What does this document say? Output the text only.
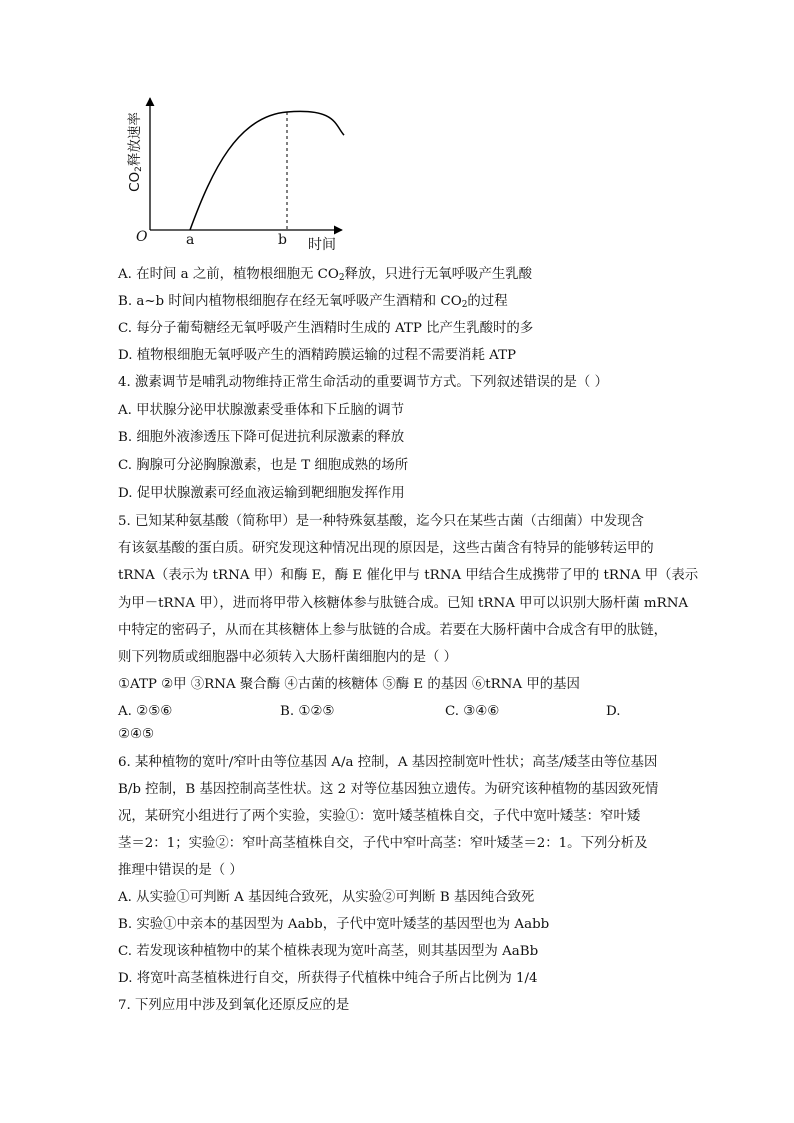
O	a	b 时间
$CO_2$释放速率
A. 在时间 a 之前，植物根细胞无 $CO_2$释放，只进行无氧呼吸产生乳酸
B. a~b 时间内植物根细胞存在经无氧呼吸产生酒精和 $CO_2$的过程
C. 每分子葡萄糖经无氧呼吸产生酒精时生成的 ATP 比产生乳酸时的多
D. 植物根细胞无氧呼吸产生的酒精跨膜运输的过程不需要消耗 ATP
4. 激素调节是哺乳动物维持正常生命活动的重要调节方式。下列叙述错误的是（ ）
A. 甲状腺分泌甲状腺激素受垂体和下丘脑的调节
B. 细胞外液渗透压下降可促进抗利尿激素的释放
C. 胸腺可分泌胸腺激素，也是 T 细胞成熟的场所
D. 促甲状腺激素可经血液运输到靶细胞发挥作用
5. 已知某种氨基酸（简称甲）是一种特殊氨基酸，迄今只在某些古菌（古细菌）中发现含
有该氨基酸的蛋白质。研究发现这种情况出现的原因是，这些古菌含有特异的能够转运甲的
tRNA（表示为 tRNA 甲）和酶 E，酶 E 催化甲与 tRNA 甲结合生成携带了甲的 tRNA 甲（表示
为甲－tRNA 甲），进而将甲带入核糖体参与肽链合成。已知 tRNA 甲可以识别大肠杆菌 mRNA
中特定的密码子，从而在其核糖体上参与肽链的合成。若要在大肠杆菌中合成含有甲的肽链，
则下列物质或细胞器中必须转入大肠杆菌细胞内的是（ ）
①ATP ②甲 ③RNA 聚合酶 ④古菌的核糖体 ⑤酶 E 的基因 ⑥tRNA 甲的基因
A. ②⑤⑥	B. ①②⑤	C. ③④⑥	D.
②④⑤
6. 某种植物的宽叶/窄叶由等位基因 A/a 控制，A 基因控制宽叶性状；高茎/矮茎由等位基因
B/b 控制，B 基因控制高茎性状。这 2 对等位基因独立遗传。为研究该种植物的基因致死情
况，某研究小组进行了两个实验，实验①：宽叶矮茎植株自交，子代中宽叶矮茎：窄叶矮
茎＝2：1；实验②：窄叶高茎植株自交，子代中窄叶高茎：窄叶矮茎＝2：1。下列分析及
推理中错误的是（ ）
A. 从实验①可判断 A 基因纯合致死，从实验②可判断 B 基因纯合致死
B. 实验①中亲本的基因型为 Aabb，子代中宽叶矮茎的基因型也为 Aabb
C. 若发现该种植物中的某个植株表现为宽叶高茎，则其基因型为 AaBb
D. 将宽叶高茎植株进行自交，所获得子代植株中纯合子所占比例为 1/4
7. 下列应用中涉及到氧化还原反应的是
